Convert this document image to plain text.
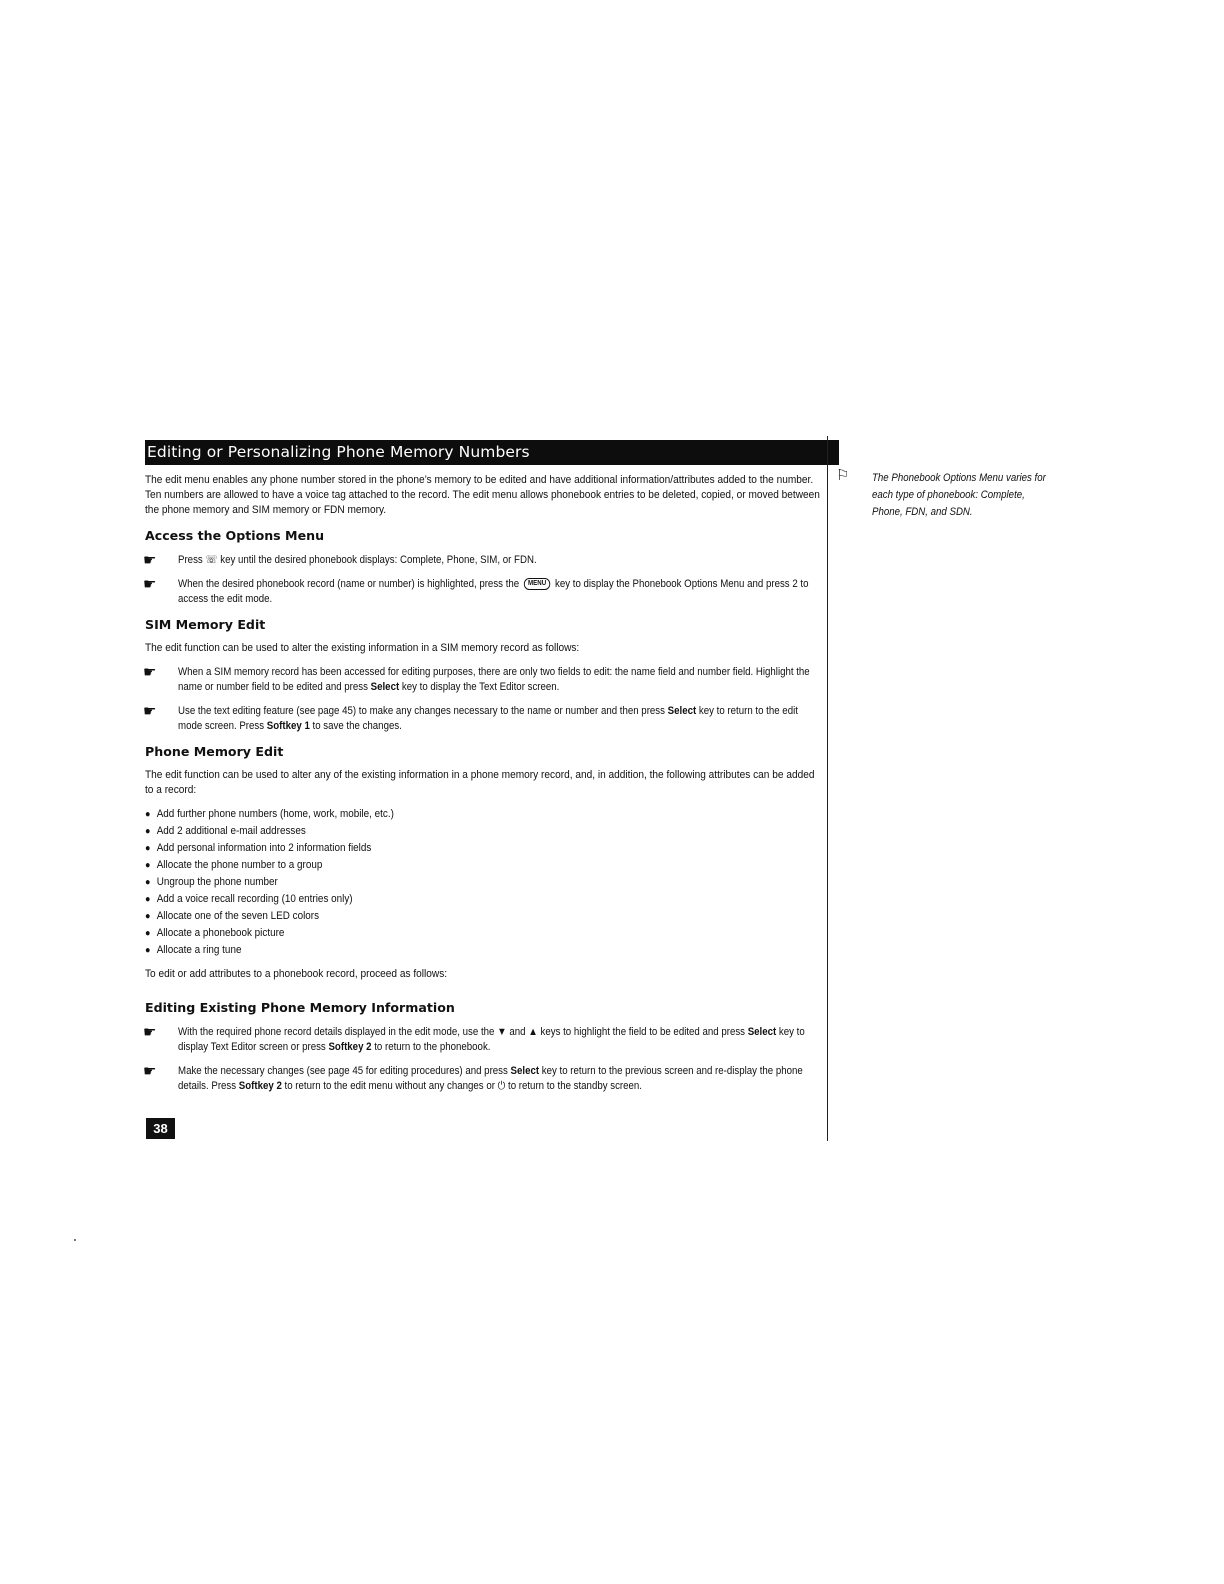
Editing or Personalizing Phone Memory Numbers

The edit menu enables any phone number stored in the phone’s memory to be edited and have additional information/attributes added to the number. Ten numbers are allowed to have a voice tag attached to the record. The edit menu allows phonebook entries to be deleted, copied, or moved between the phone memory and SIM memory or FDN memory.

Access the Options Menu
☛ Press ☏ key until the desired phonebook displays: Complete, Phone, SIM, or FDN.
☛ When the desired phonebook record (name or number) is highlighted, press the MENU key to display the Phonebook Options Menu and press 2 to access the edit mode.
SIM Memory Edit

The edit function can be used to alter the existing information in a SIM memory record as follows:

☛ When a SIM memory record has been accessed for editing purposes, there are only two fields to edit: the name field and number field. Highlight the name or number field to be edited and press Select key to display the Text Editor screen.
☛ Use the text editing feature (see page 45) to make any changes necessary to the name or number and then press Select key to return to the edit mode screen. Press Softkey 1 to save the changes.
Phone Memory Edit

The edit function can be used to alter any of the existing information in a phone memory record, and, in addition, the following attributes can be added to a record:

● Add further phone numbers (home, work, mobile, etc.)
● Add 2 additional e-mail addresses
● Add personal information into 2 information fields
● Allocate the phone number to a group
● Ungroup the phone number
● Add a voice recall recording (10 entries only)
● Allocate one of the seven LED colors
● Allocate a phonebook picture
● Allocate a ring tune

To edit or add attributes to a phonebook record, proceed as follows:

Editing Existing Phone Memory Information
☛ With the required phone record details displayed in the edit mode, use the ▼ and ▲ keys to highlight the field to be edited and press Select key to display Text Editor screen or press Softkey 2 to return to the phonebook.
☛ Make the necessary changes (see page 45 for editing procedures) and press Select key to return to the previous screen and re-display the phone details. Press Softkey 2 to return to the edit menu without any changes or ⏻ to return to the standby screen.
⚐ The Phonebook Options Menu varies for each type of phonebook: Complete, Phone, FDN, and SDN.
38
